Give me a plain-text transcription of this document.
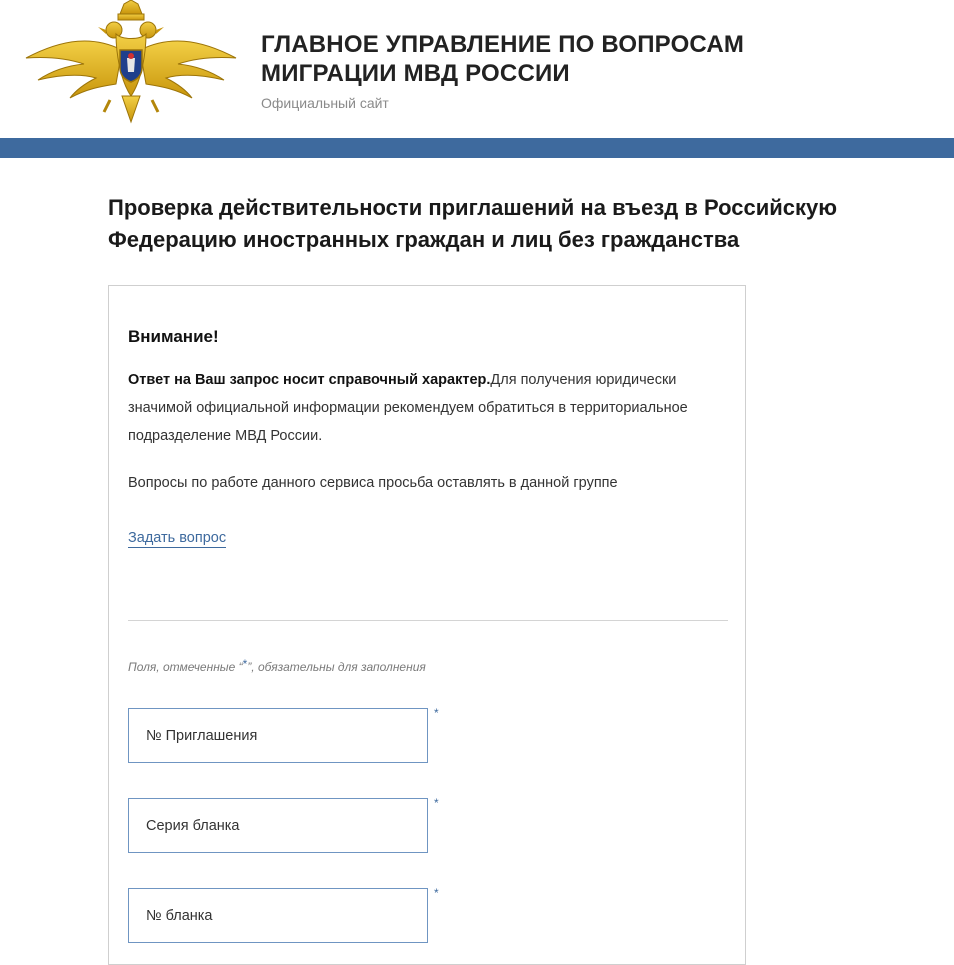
ГЛАВНОЕ УПРАВЛЕНИЕ ПО ВОПРОСАМ
МИГРАЦИИ МВД РОССИИ
Официальный сайт
Проверка действительности приглашений на въезд в Российскую Федерацию иностранных граждан и лиц без гражданства
Внимание!
Ответ на Ваш запрос носит справочный характер.Для получения юридически значимой официальной информации рекомендуем обратиться в территориальное подразделение МВД России.
Вопросы по работе данного сервиса просьба оставлять в данной группе
Задать вопрос
Поля, отмеченные “*”, обязательны для заполнения
№ Приглашения
*
Серия бланка
*
№ бланка
*
